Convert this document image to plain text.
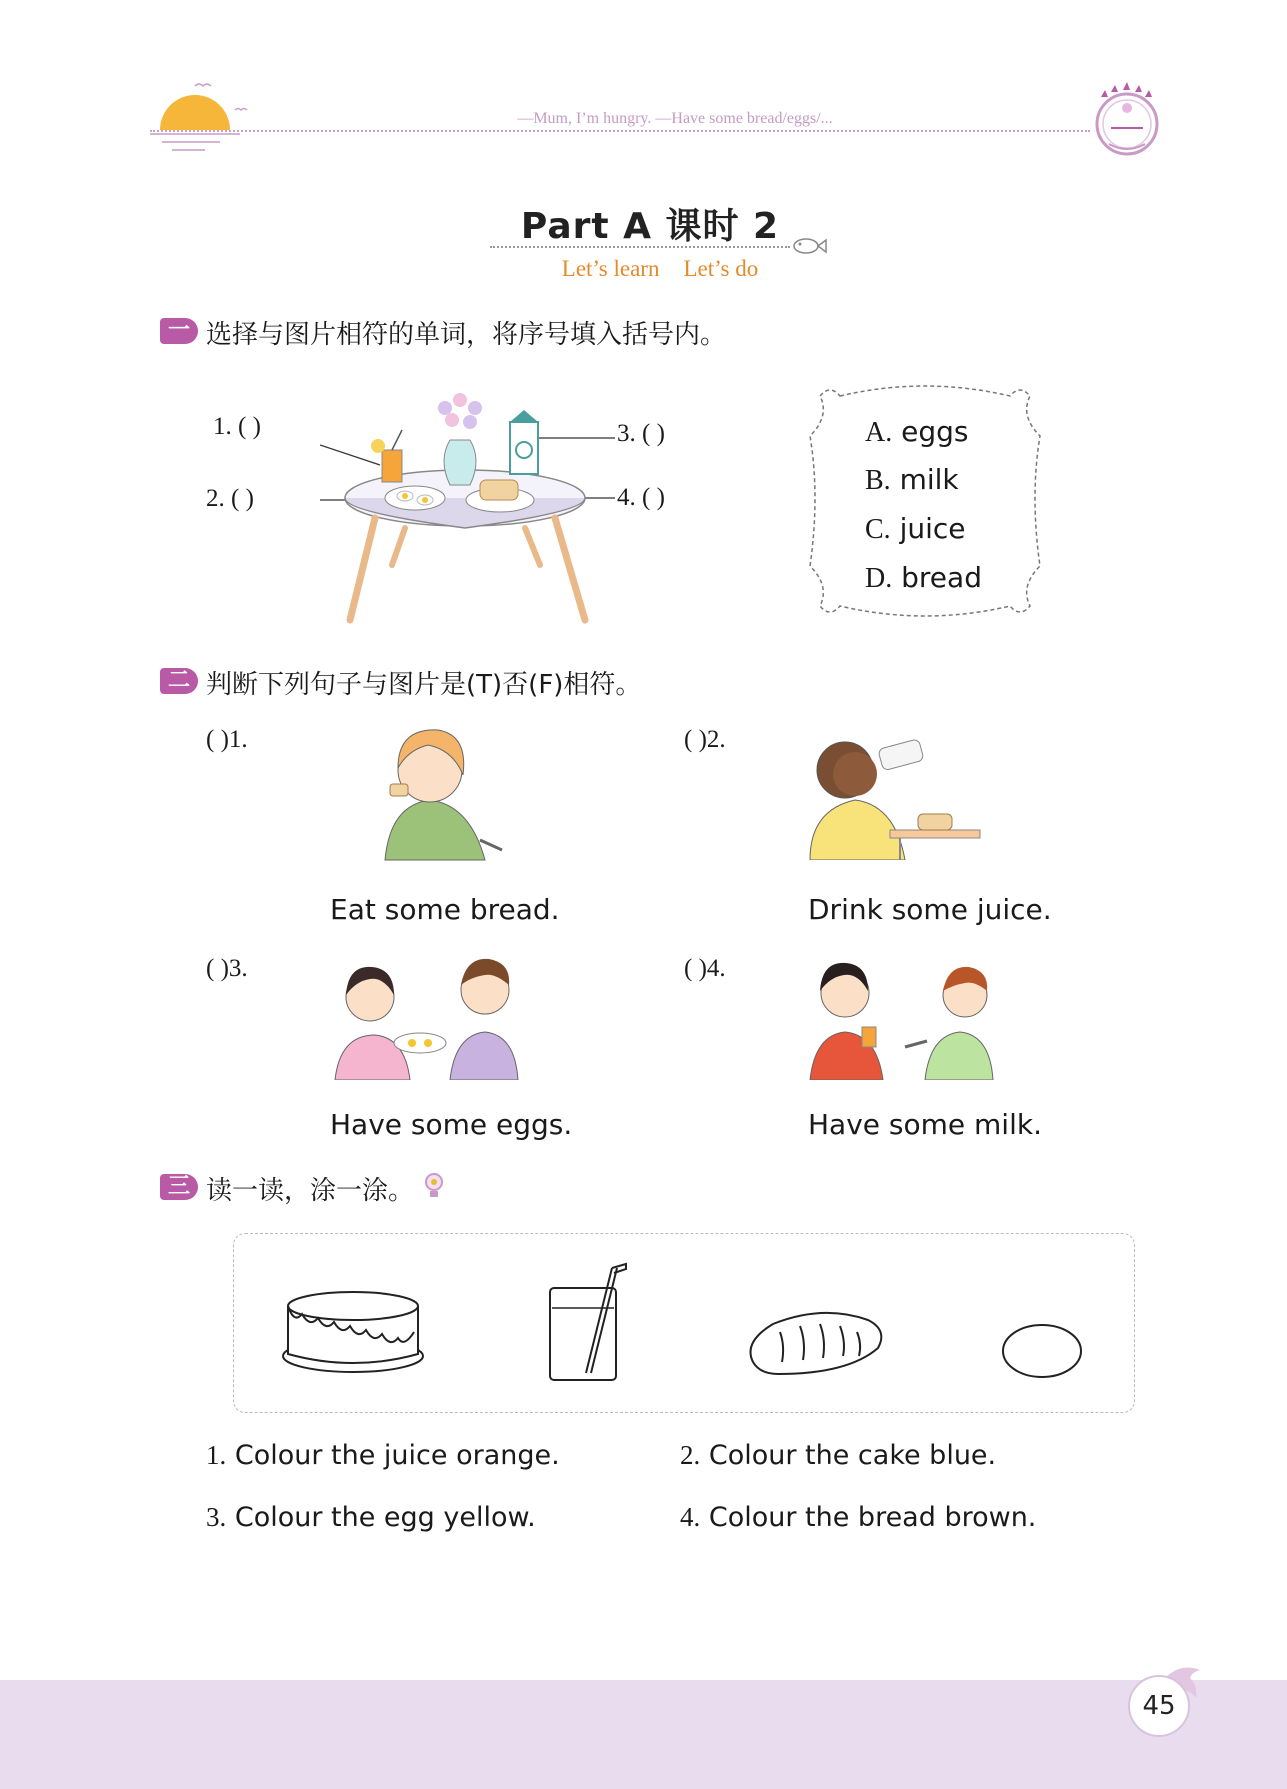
—Mum, I’m hungry. —Have some bread/eggs/...
Part A 课时 2
Let’s learn Let’s do
一 选择与图片相符的单词，将序号填入括号内。
1. ( )
2. ( )
3. ( )
4. ( )
A. eggs
B. milk
C. juice
D. bread
二 判断下列句子与图片是(T)否(F)相符。
( )1.
Eat some bread.
( )2.
Drink some juice.
( )3.
Have some eggs.
( )4.
Have some milk.
三 读一读，涂一涂。
1. Colour the juice orange.	2. Colour the cake blue.
3. Colour the egg yellow.	4. Colour the bread brown.
45
